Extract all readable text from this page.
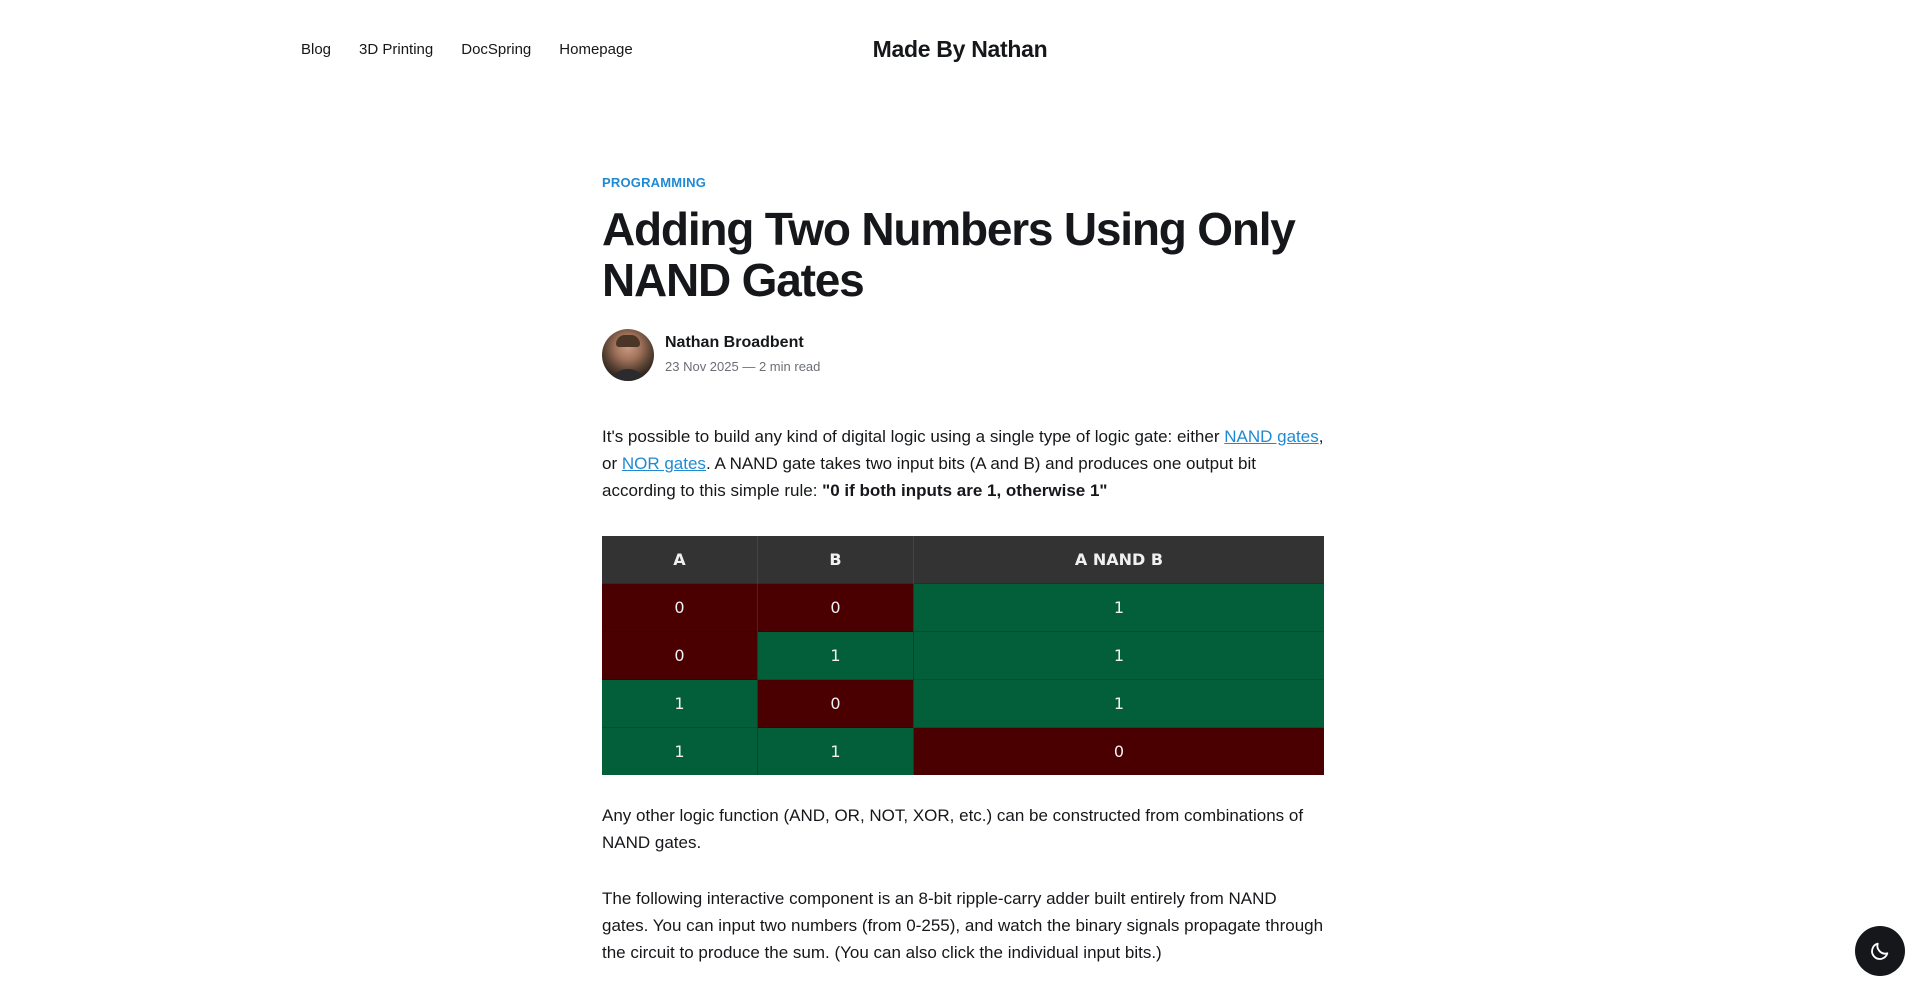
Blog 3D Printing DocSpring Homepage	Made By Nathan
PROGRAMMING
Adding Two Numbers Using Only NAND Gates
Nathan Broadbent
23 Nov 2025 — 2 min read

It's possible to build any kind of digital logic using a single type of logic gate: either NAND gates, or NOR gates. A NAND gate takes two input bits (A and B) and produces one output bit according to this simple rule: "0 if both inputs are 1, otherwise 1"

A	B	A NAND B
0	0	1
0	1	1
1	0	1
1	1	0

Any other logic function (AND, OR, NOT, XOR, etc.) can be constructed from combinations of NAND gates.

The following interactive component is an 8-bit ripple-carry adder built entirely from NAND gates. You can input two numbers (from 0-255), and watch the binary signals propagate through the circuit to produce the sum. (You can also click the individual input bits.)
